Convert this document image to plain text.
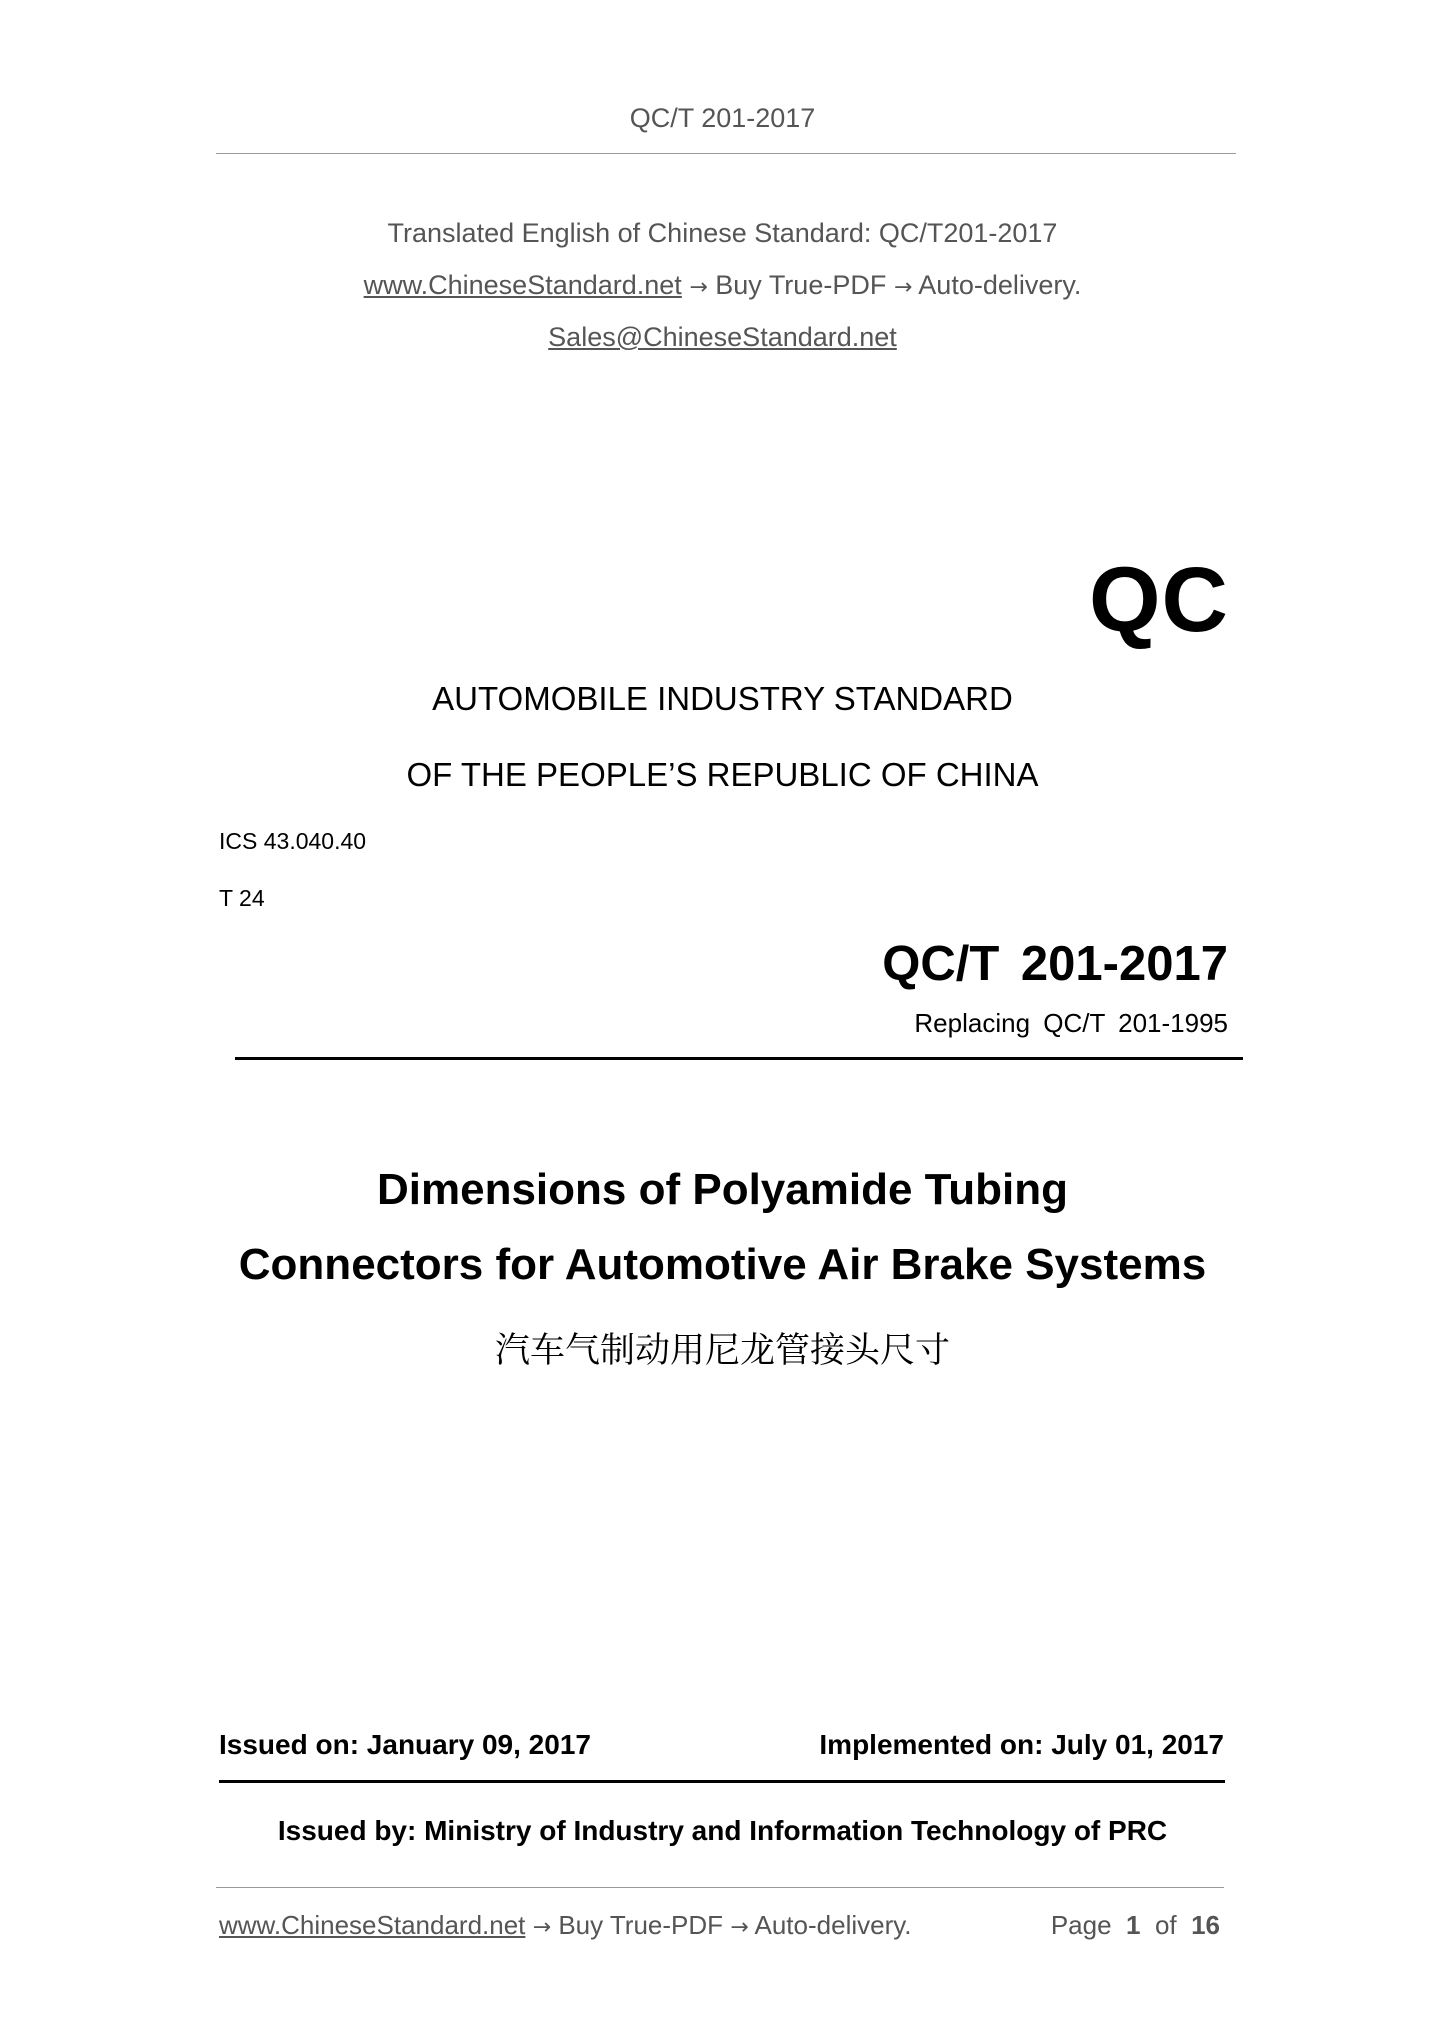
QC/T 201-2017
Translated English of Chinese Standard: QC/T201-2017
www.ChineseStandard.net → Buy True-PDF → Auto-delivery.
Sales@ChineseStandard.net
QC
AUTOMOBILE INDUSTRY STANDARD
OF THE PEOPLE’S REPUBLIC OF CHINA
ICS 43.040.40
T 24
QC/T 201-2017
Replacing QC/T 201-1995
Dimensions of Polyamide Tubing
Connectors for Automotive Air Brake Systems
汽车气制动用尼龙管接头尺寸
Issued on: January 09, 2017	Implemented on: July 01, 2017
Issued by: Ministry of Industry and Information Technology of PRC
www.ChineseStandard.net → Buy True-PDF → Auto-delivery.	Page 1 of 16
